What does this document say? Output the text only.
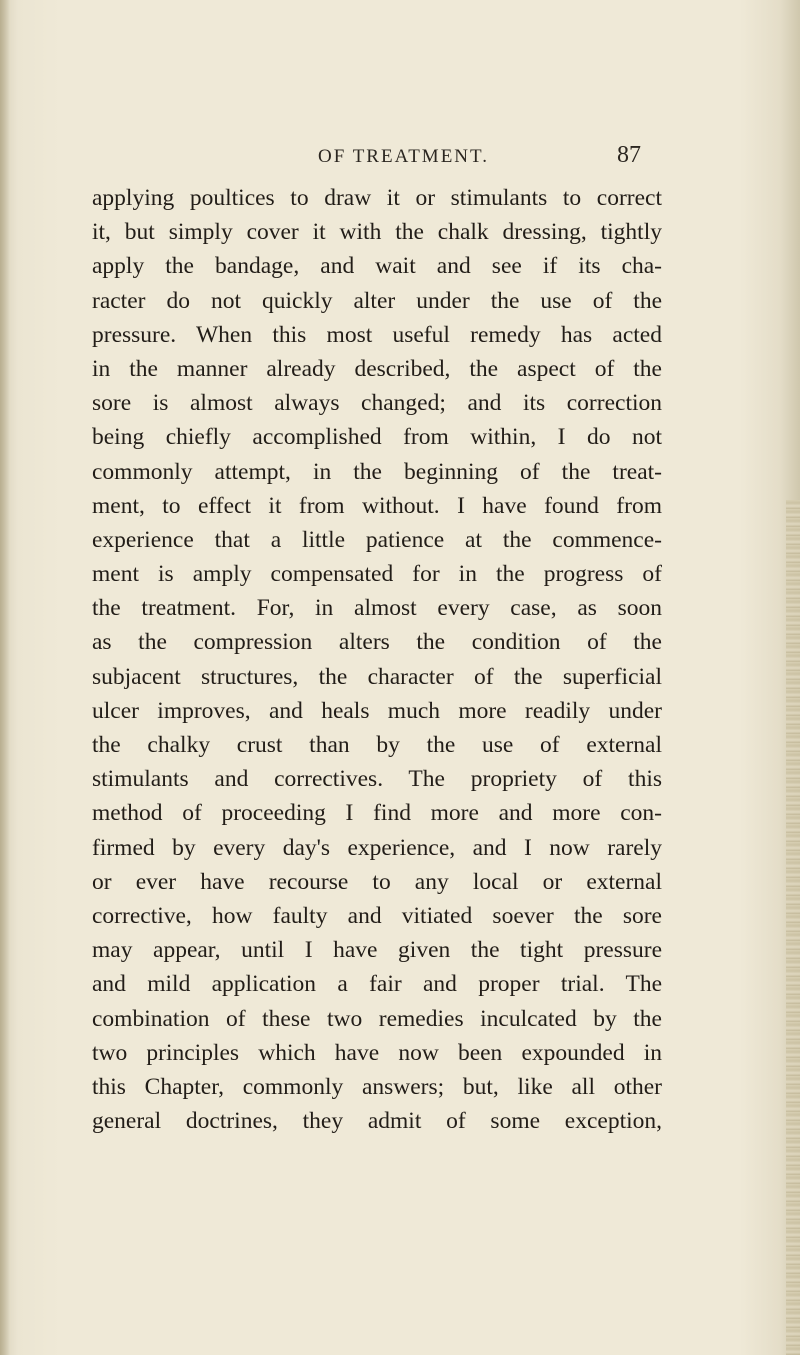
OF TREATMENT.	87
applying poultices to draw it or stimulants to correct
it, but simply cover it with the chalk dressing, tightly
apply the bandage, and wait and see if its cha-
racter do not quickly alter under the use of the
pressure. When this most useful remedy has acted
in the manner already described, the aspect of the
sore is almost always changed; and its correction
being chiefly accomplished from within, I do not
commonly attempt, in the beginning of the treat-
ment, to effect it from without. I have found from
experience that a little patience at the commence-
ment is amply compensated for in the progress of
the treatment. For, in almost every case, as soon
as the compression alters the condition of the
subjacent structures, the character of the superficial
ulcer improves, and heals much more readily under
the chalky crust than by the use of external
stimulants and correctives. The propriety of this
method of proceeding I find more and more con-
firmed by every day's experience, and I now rarely
or ever have recourse to any local or external
corrective, how faulty and vitiated soever the sore
may appear, until I have given the tight pressure
and mild application a fair and proper trial. The
combination of these two remedies inculcated by the
two principles which have now been expounded in
this Chapter, commonly answers; but, like all other
general doctrines, they admit of some exception,
